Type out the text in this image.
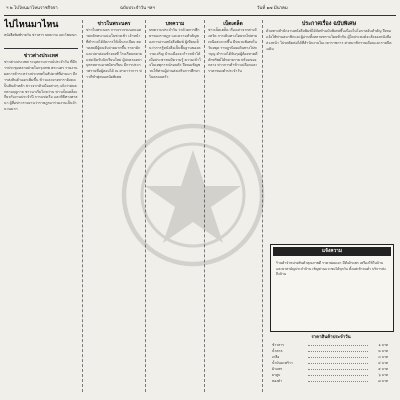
ฯ ๒ ไปไหนมาไหนราชกิจจา	ฉบับประจำวัน ฯลฯ	วันที่ ๑๗ มีนาคม
ไปไหนมาไหน
หนังสือพิมพ์รายวัน ข่าวสาร บทความ และโฆษณา
ข่าวต่างประเทศ
ข่าวต่างประเทศ ระบุสถานการณ์ประจำวัน ที่มีการประชุมหลายฝ่ายในกรุงเทพ พระนคร รายงานผลการค้าระหว่างประเทศในสัปดาห์ที่ผ่านมา มีการส่งสินค้าออกเพิ่มขึ้น ข้าวและยางพารายังคงเป็นสินค้าหลัก ข่าวจากหัวเมืองต่างๆ แจ้งว่าฝนตกตามฤดูกาล ชาวนาเริ่มไถหว่าน ข่าวเบ็ดเตล็ดเกี่ยวกับงานประจำปี การแข่งเรือ และพิธีทางศาสนา ผู้สื่อข่าวรายงานว่าราษฎรมาร่วมงานเป็นจำนวนมาก
ข่าวในพระนคร
ข่าวในพระนคร การจราจรบนถนนสายหลักหนาแน่นในช่วงเช้า เจ้าหน้าที่ตำรวจได้จัดการให้เป็นระเบียบ ตลาดสดมีผู้คนจับจ่ายมากขึ้น ราคาผักและปลาค่อนข้างคงที่ โรงเรียนหลายแห่งเปิดรับนักเรียนใหม่ ผู้ปกครองพาบุตรหลานมาสมัครเรียน มีการประกาศรายชื่อผู้สอบได้ ณ ศาลาว่าการ ข่าวกีฬาฟุตบอลนัดพิเศษ
บทความ
บทความประจำวัน ว่าด้วยการศึกษาของราษฎร และความสำคัญของการอ่านหนังสือพิมพ์ ผู้เขียนเห็นว่าการรู้หนังสือเป็นพื้นฐานของความเจริญ บ้านเมืองจะก้าวหน้าได้เมื่อประชาชนมีความรู้ ความเข้าใจในเหตุการณ์รอบตัว จึงขอเชิญชวนให้ท่านผู้อ่านส่งเสริมการศึกษาในครอบครัว
เบ็ดเตล็ด
ข่าวเบ็ดเตล็ด เรื่องเล่าจากต่างจังหวัด การเดินทางโดยรถไฟสายเหนือสะดวกขึ้น มีขบวนพิเศษในวันหยุด ราษฎรนิยมเดินทางไปทำบุญ ตำรวจได้จับกุมผู้ต้องหาคดีลักทรัพย์ได้หลายราย พร้อมของกลาง ข่าวการค้าข้าวเปลือกและราคาทองคำประจำวัน
ประกาศเรื่อง ฉบับพิเศษ
ด้วยทางสำนักงานหนังสือพิมพ์ได้จัดทำฉบับพิเศษขึ้นเนื่องในโอกาสอันสำคัญ จึงขอแจ้งให้ท่านสมาชิกและผู้อ่านทั้งหลายทราบโดยทั่วกัน ผู้ใดประสงค์จะสั่งจองหนังสือล่วงหน้า โปรดติดต่อได้ที่สำนักงานในเวลาราชการ ค่าสมาชิกรายเดือนและรายปีคงเดิม
แจ้งความ
ร้านค้าจำหน่ายสินค้าคุณภาพดี ราคาย่อมเยา มีทั้งผ้าแพร เครื่องใช้ในบ้าน และยาสามัญประจำบ้าน เชิญท่านแวะชมได้ทุกวัน ตั้งแต่เช้าจนค่ำ บริการส่งถึงบ้าน
ราคาสินค้าประจำวัน
ข้าวสาร	๑ บาท
น้ำตาล	๒ บาท
เกลือ	๓ บาท
น้ำมันมะพร้าว	๔ บาท
ผ้าแพร	๕ บาท
ยาสูบ	๖ บาท
ทองคำ	๗ บาท
